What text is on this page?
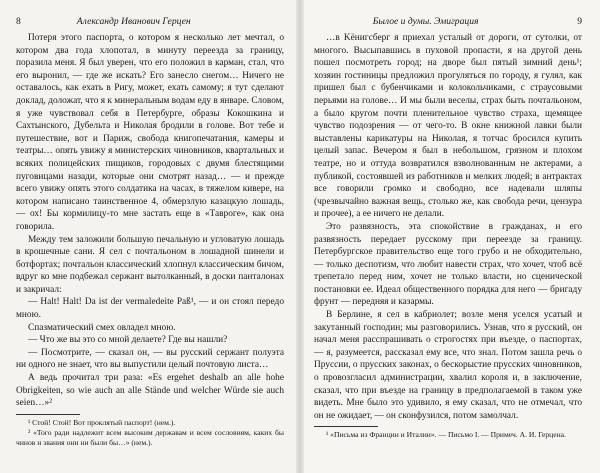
8	Александр Иванович Герцен

Потеря этого паспорта, о котором я несколько лет мечтал, о котором два года хлопотал, в минуту переезда за границу, поразила меня. Я был уверен, что его положил в карман, стал, что его выронил, — где же искать? Его занесло снегом… Ничего не оставалось, как ехать в Ригу, может, ехать самому; я тут сделают доклад, доложат, что я к минеральным водам еду в январе. Словом, я уже чувствовал себя в Петербурге, образы Кокошкина и Сахтынского, Дубельта и Николая бродили в голове. Вот тебе и путешествие, вот и Париж, свобода книгопечатания, камеры и театры… опять увижу я министерских чиновников, квартальных и всяких полицейских пищиков, городовых с двумя блестящими пуговицами назади, которые они смотрят назад… — и прежде всего увижу опять этого солдатика на часах, в тяжелом кивере, на котором написано таинственное 4, обмерзлую казацкую лошадь, — ох! Бы кормилицу-то мне застать еще в «Таврогe», как она говорила.

Между тем заложили большую печальную и угловатую лошадь в крошечные сани. Я сел с почтальоном в лошадной шинели и ботфортах; почтальон классический хлопнул классическим бичом, вдруг ко мне подбежал сержант вытолканный, в доски панталонах и закричал:

— Halt! Halt! Da ist der vermaledeite Paß¹, — и он стоял передо мною.

Спазматический смех овладел мною.

— Что же вы это со мной делаете? Где вы нашли?

— Посмотрите, — сказал он, — вы русский сержант полуэта ни одного не знает, что вы выпустили целый почтовую листа…

А ведь прочитал три раза: «Es ergehet deshalb an alle hohe Obrigkeiten, so wie auch an alle Stände und welcher Würde sie auch seien…»²

¹ Стой! Стой! Вот проклятый паспорт! (нем.).

² «Того ради надлежит всем высоким державам и всем сословиям, каких бы чинов и звания они ни были бы…» (нем.).

Былое и думы. Эмиграция	9

…в Kёнигсберг я приехал усталый от дороги, от сутолки, от многого. Высыпавшись в пуховой пропасти, я на другой день пошел посмотреть город; на дворе был пятый зимний день¹; хозяин гостиницы предложил прогуляться по городу, я гулял, как пришел был с бубенчиками и колокольчиками, с страусовыми перьями на голове… И мы были веселы, страх быть почтальоном, а было кругом почти пленительное чувство страха, щемящее чувство подозрения — от чего-то. В окне книжной лавки были выставлены карикатуры на Николая, я тотчас бросился купить целый запас. Вечером я был в небольшом, грязном и плохом театре, но и оттуда возвратился взволнованным не актерами, а публикой, состоявшей из работников и мелких людей; в антрактах все говорили громко и свободно, все надевали шляпы (чрезвычайно важная вещь, столько же, как свобода речи, цензура и прочее), а ее ничего не делали.

Это развязность, эта спокойствие в гражданах, и его развязность передает русскому при переезде за границу. Петербургское правительство еще того грубо и не обходительно, — только деспотизм, что любит навести страх, что хочет, чтоб всё трепетало перед ним, хочет не только власти, но сценической постановки ее. Идеал общественного порядка для него — бригаду фрунт — передняя и казармы.

В Берлине, я сел в кабриолет; возле меня уселся усатый и закутанный господин; мы разговорились. Узнав, что я русский, он начал меня расспрашивать о строгостях при въезде, о паспортах, — я, разумеется, рассказал ему все, что знал. Потом зашла речь о Пруссии, о прусских законах, о бескорыстие прусских чиновников, о провозгласил администрации, хвалил короля и, в заключение, сказал, что при въезде на границу в предполагаемой в таком уже видеть. Мне было это удивило, я ему сказал, что не отмечал, что он не ожидает, — он сконфузился, потом замолчал.

¹ «Письма из Франции и Италии». — Письмо I. — Примеч. А. И. Герцена.
